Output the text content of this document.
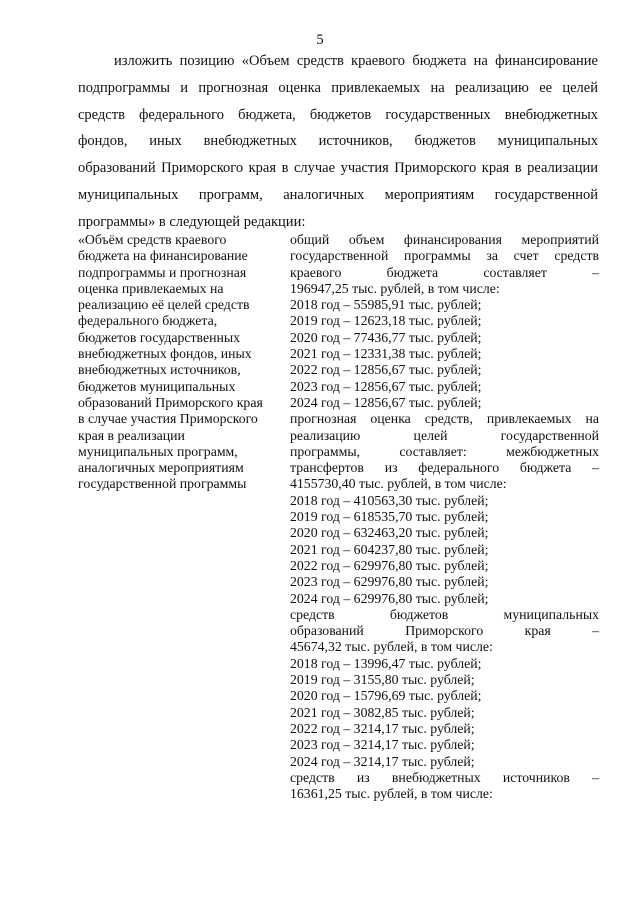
5
изложить позицию «Объем средств краевого бюджета на финансирование
подпрограммы и прогнозная оценка привлекаемых на реализацию ее целей
средств федерального бюджета, бюджетов государственных внебюджетных
фондов, иных внебюджетных источников, бюджетов муниципальных
образований Приморского края в случае участия Приморского края в реализации
муниципальных программ, аналогичных мероприятиям государственной
программы» в следующей редакции:
«Объём средств краевого
бюджета на финансирование
подпрограммы и прогнозная
оценка привлекаемых на
реализацию её целей средств
федерального бюджета,
бюджетов государственных
внебюджетных фондов, иных
внебюджетных источников,
бюджетов муниципальных
образований Приморского края
в случае участия Приморского
края в реализации
муниципальных программ,
аналогичных мероприятиям
государственной программы
общий объем финансирования мероприятий
государственной программы за счет средств
краевого бюджета составляет –
196947,25 тыс. рублей, в том числе:
2018 год – 55985,91 тыс. рублей;
2019 год – 12623,18 тыс. рублей;
2020 год – 77436,77 тыс. рублей;
2021 год – 12331,38 тыс. рублей;
2022 год – 12856,67 тыс. рублей;
2023 год – 12856,67 тыс. рублей;
2024 год – 12856,67 тыс. рублей;
прогнозная оценка средств, привлекаемых на
реализацию целей государственной
программы, составляет: межбюджетных
трансфертов из федерального бюджета –
4155730,40 тыс. рублей, в том числе:
2018 год – 410563,30 тыс. рублей;
2019 год – 618535,70 тыс. рублей;
2020 год – 632463,20 тыс. рублей;
2021 год – 604237,80 тыс. рублей;
2022 год – 629976,80 тыс. рублей;
2023 год – 629976,80 тыс. рублей;
2024 год – 629976,80 тыс. рублей;
средств бюджетов муниципальных
образований Приморского края –
45674,32 тыс. рублей, в том числе:
2018 год – 13996,47 тыс. рублей;
2019 год – 3155,80 тыс. рублей;
2020 год – 15796,69 тыс. рублей;
2021 год – 3082,85 тыс. рублей;
2022 год – 3214,17 тыс. рублей;
2023 год – 3214,17 тыс. рублей;
2024 год – 3214,17 тыс. рублей;
средств из внебюджетных источников –
16361,25 тыс. рублей, в том числе:
